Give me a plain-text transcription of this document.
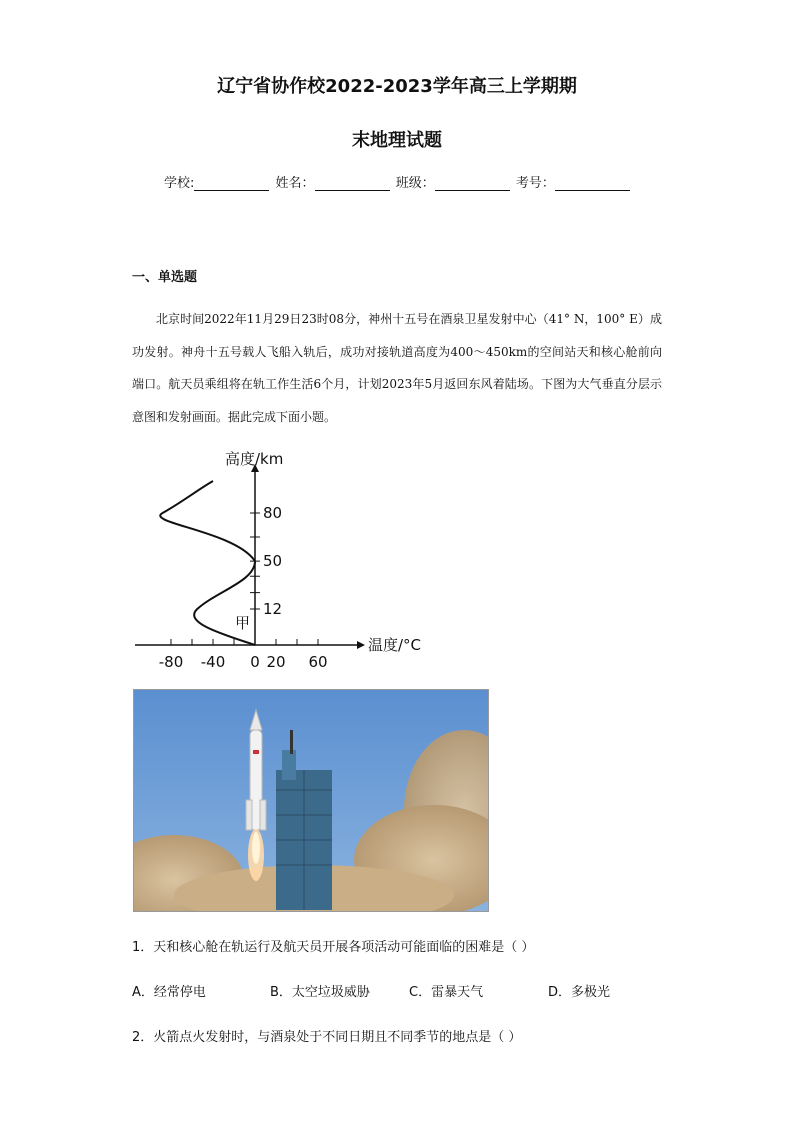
辽宁省协作校2022-2023学年高三上学期期
末地理试题
学校:	姓名：	班级：	考号：
一、单选题

北京时间2022年11月29日23时08分，神州十五号在酒泉卫星发射中心（41° N，100° E）成功发射。神舟十五号载人飞船入轨后，成功对接轨道高度为400～450km的空间站天和核心舱前向端口。航天员乘组将在轨工作生活6个月，计划2023年5月返回东风着陆场。下图为大气垂直分层示意图和发射画面。据此完成下面小题。

-80 -40 0 20 60
12
50
80
高度/km
温度/°C
甲
1．天和核心舱在轨运行及航天员开展各项活动可能面临的困难是（ ）
A．经常停电	B．太空垃圾威胁	C．雷暴天气	D．多极光
2．火箭点火发射时，与酒泉处于不同日期且不同季节的地点是（ ）
